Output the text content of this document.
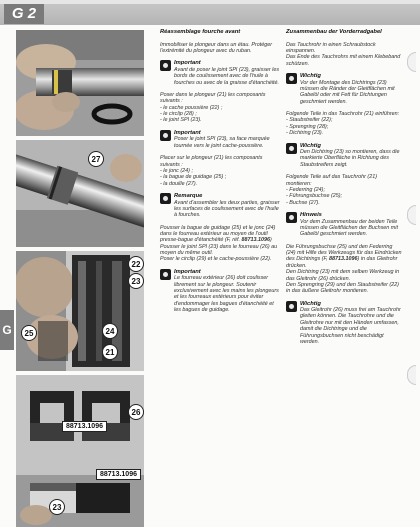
G 2
G
27
22
25	24
21
23
88713.1096
26
88713.1096
23

Réassemblage fourche avant

Immobiliser le plongeur dans un étau. Protéger l'extrémité du plongeur avec du ruban.

Important

Avant de poser le joint SPI (23), graisser les bords de coulissement avec de l'huile à fourches ou avec de la graisse d'étanchéité.

Poser dans le plongeur (21) les composants suivants :

- le cache poussière (22) ;

- le circlip (28) ;

- le joint SPI (23).

Important

Poser le joint SPI (23), sa face marquée tournée vers le joint cache-poussière.

Placer sur le plongeur (21) les composants suivants :

- le jonc (24) ;

- la bague de guidage (25) ;

- la douille (27).

Remarque

Avant d'assembler les deux parties, graisser les surfaces de coulissement avec de l'huile à fourches.

Pousser la bague de guidage (25) et le jonc (24) dans le fourreau extérieur au moyen de l'outil presse-bague d'étanchéité (F, réf. 88713.1096) Pousser le joint SPI (23) dans le fourreau (26) au moyen du même outil.

Poser le circlip (29) et le cache-poussière (22).

Important

Le fourreau extérieur (26) doit coulisser librement sur le plongeur. Soutenir exclusivement avec les mains les plongeurs et les fourreaux extérieurs pour éviter d'endommager les bagues d'étanchéité et les bagues de guidage.

Zusammenbau der Vorderradgabel

Das Tauchrohr in einen Schraubstock einspannen.

Das Ende des Tauchrohrs mit einem Klebeband schützen.

Wichtig

Vor der Montage des Dichtrings (23) müssen die Ränder der Gleitflächen mit Gabelöl oder mit Fett für Dichtungen geschmiert werden.

Folgende Teile in das Tauchrohr (21) einführen:

- Staubstreifer (22);

- Sprengring (28);

- Dichtring (23).

Wichtig

Den Dichtring (23) so montieren, dass die markierte Oberfläche in Richtung des Staubstreifers zeigt.

Folgende Teile auf das Tauchrohr (21) montieren:

- Federring (24);

- Führungsbuchse (25);

- Buchse (27).

Hinweis

Vor dem Zusammenbau der beiden Teile müssen die Gleitflächen der Buchsen mit Gabelöl geschmiert werden.

Die Führungsbuchse (25) und den Federring (24) mit Hilfe des Werkzeugs für das Eindrücken des Dichtrings (F, 88713.1096) in das Gleitrohr drücken.

Den Dichtring (23) mit dem selben Werkzeug in das Gleitrohr (26) drücken.

Den Sprengring (29) und den Staubstreifer (22) in das äußere Gleitrohr montieren.

Wichtig

Das Gleitrohr (26) muss frei am Tauchrohr gleiten können. Die Tauchrohre und die Gleitrohre nur mit den Händen umfassen, damit die Dichtringe und die Führungsbuchsen nicht beschädigt werden.
